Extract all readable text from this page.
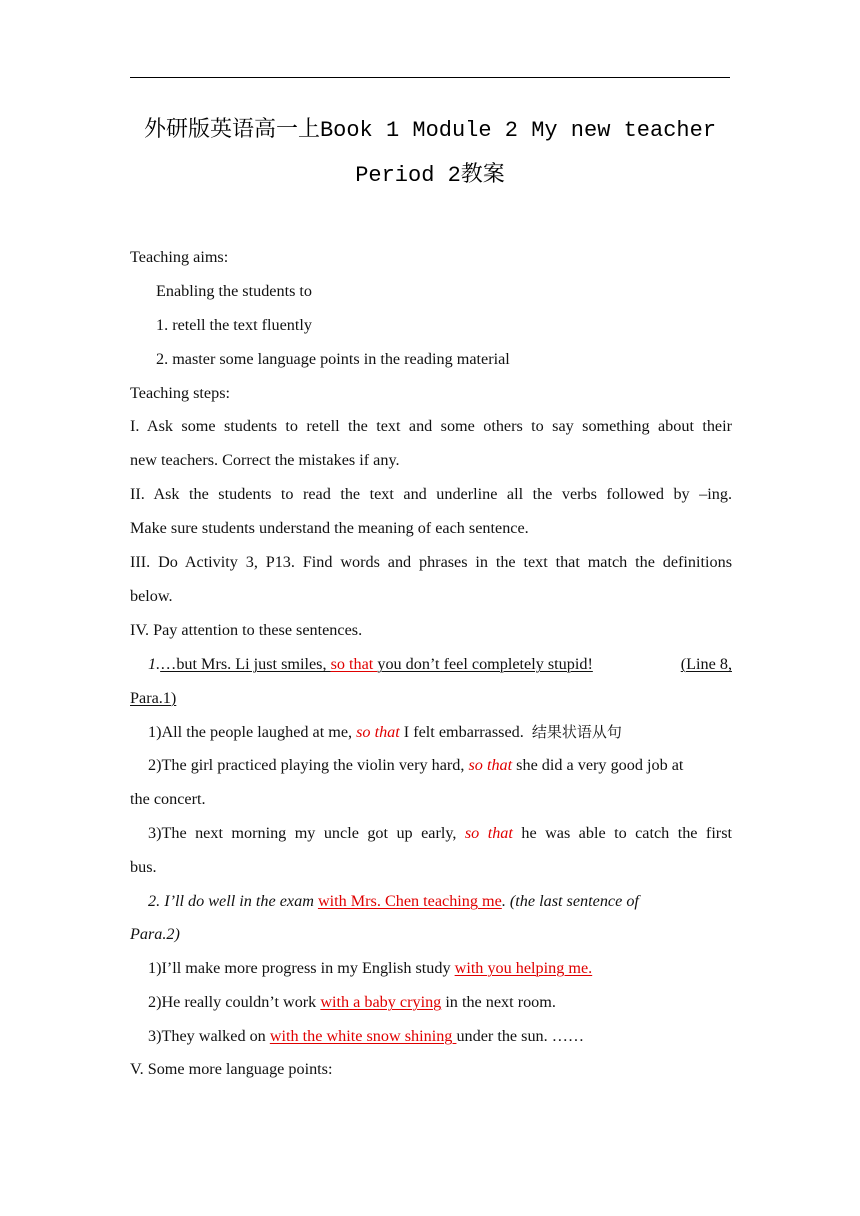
外研版英语高一上Book 1 Module 2 My new teacher
Period 2教案
Teaching aims:
Enabling the students to
1. retell the text fluently
2. master some language points in the reading material
Teaching steps:
I. Ask some students to retell the text and some others to say something about their
new teachers. Correct the mistakes if any.
II. Ask the students to read the text and underline all the verbs followed by –ing.
Make sure students understand the meaning of each sentence.
III. Do Activity 3, P13. Find words and phrases in the text that match the definitions
below.
IV. Pay attention to these sentences.
1.…but Mrs. Li just smiles, so that you don’t feel completely stupid!	(Line 8,
Para.1)
1)All the people laughed at me, so that I felt embarrassed. 结果状语从句
2)The girl practiced playing the violin very hard, so that she did a very good job at
the concert.
3)The next morning my uncle got up early, so that he was able to catch the first
bus.
2. I’ll do well in the exam with Mrs. Chen teaching me. (the last sentence of
Para.2)
1)I’ll make more progress in my English study with you helping me.
2)He really couldn’t work with a baby crying in the next room.
3)They walked on with the white snow shining under the sun. ……
V. Some more language points:
